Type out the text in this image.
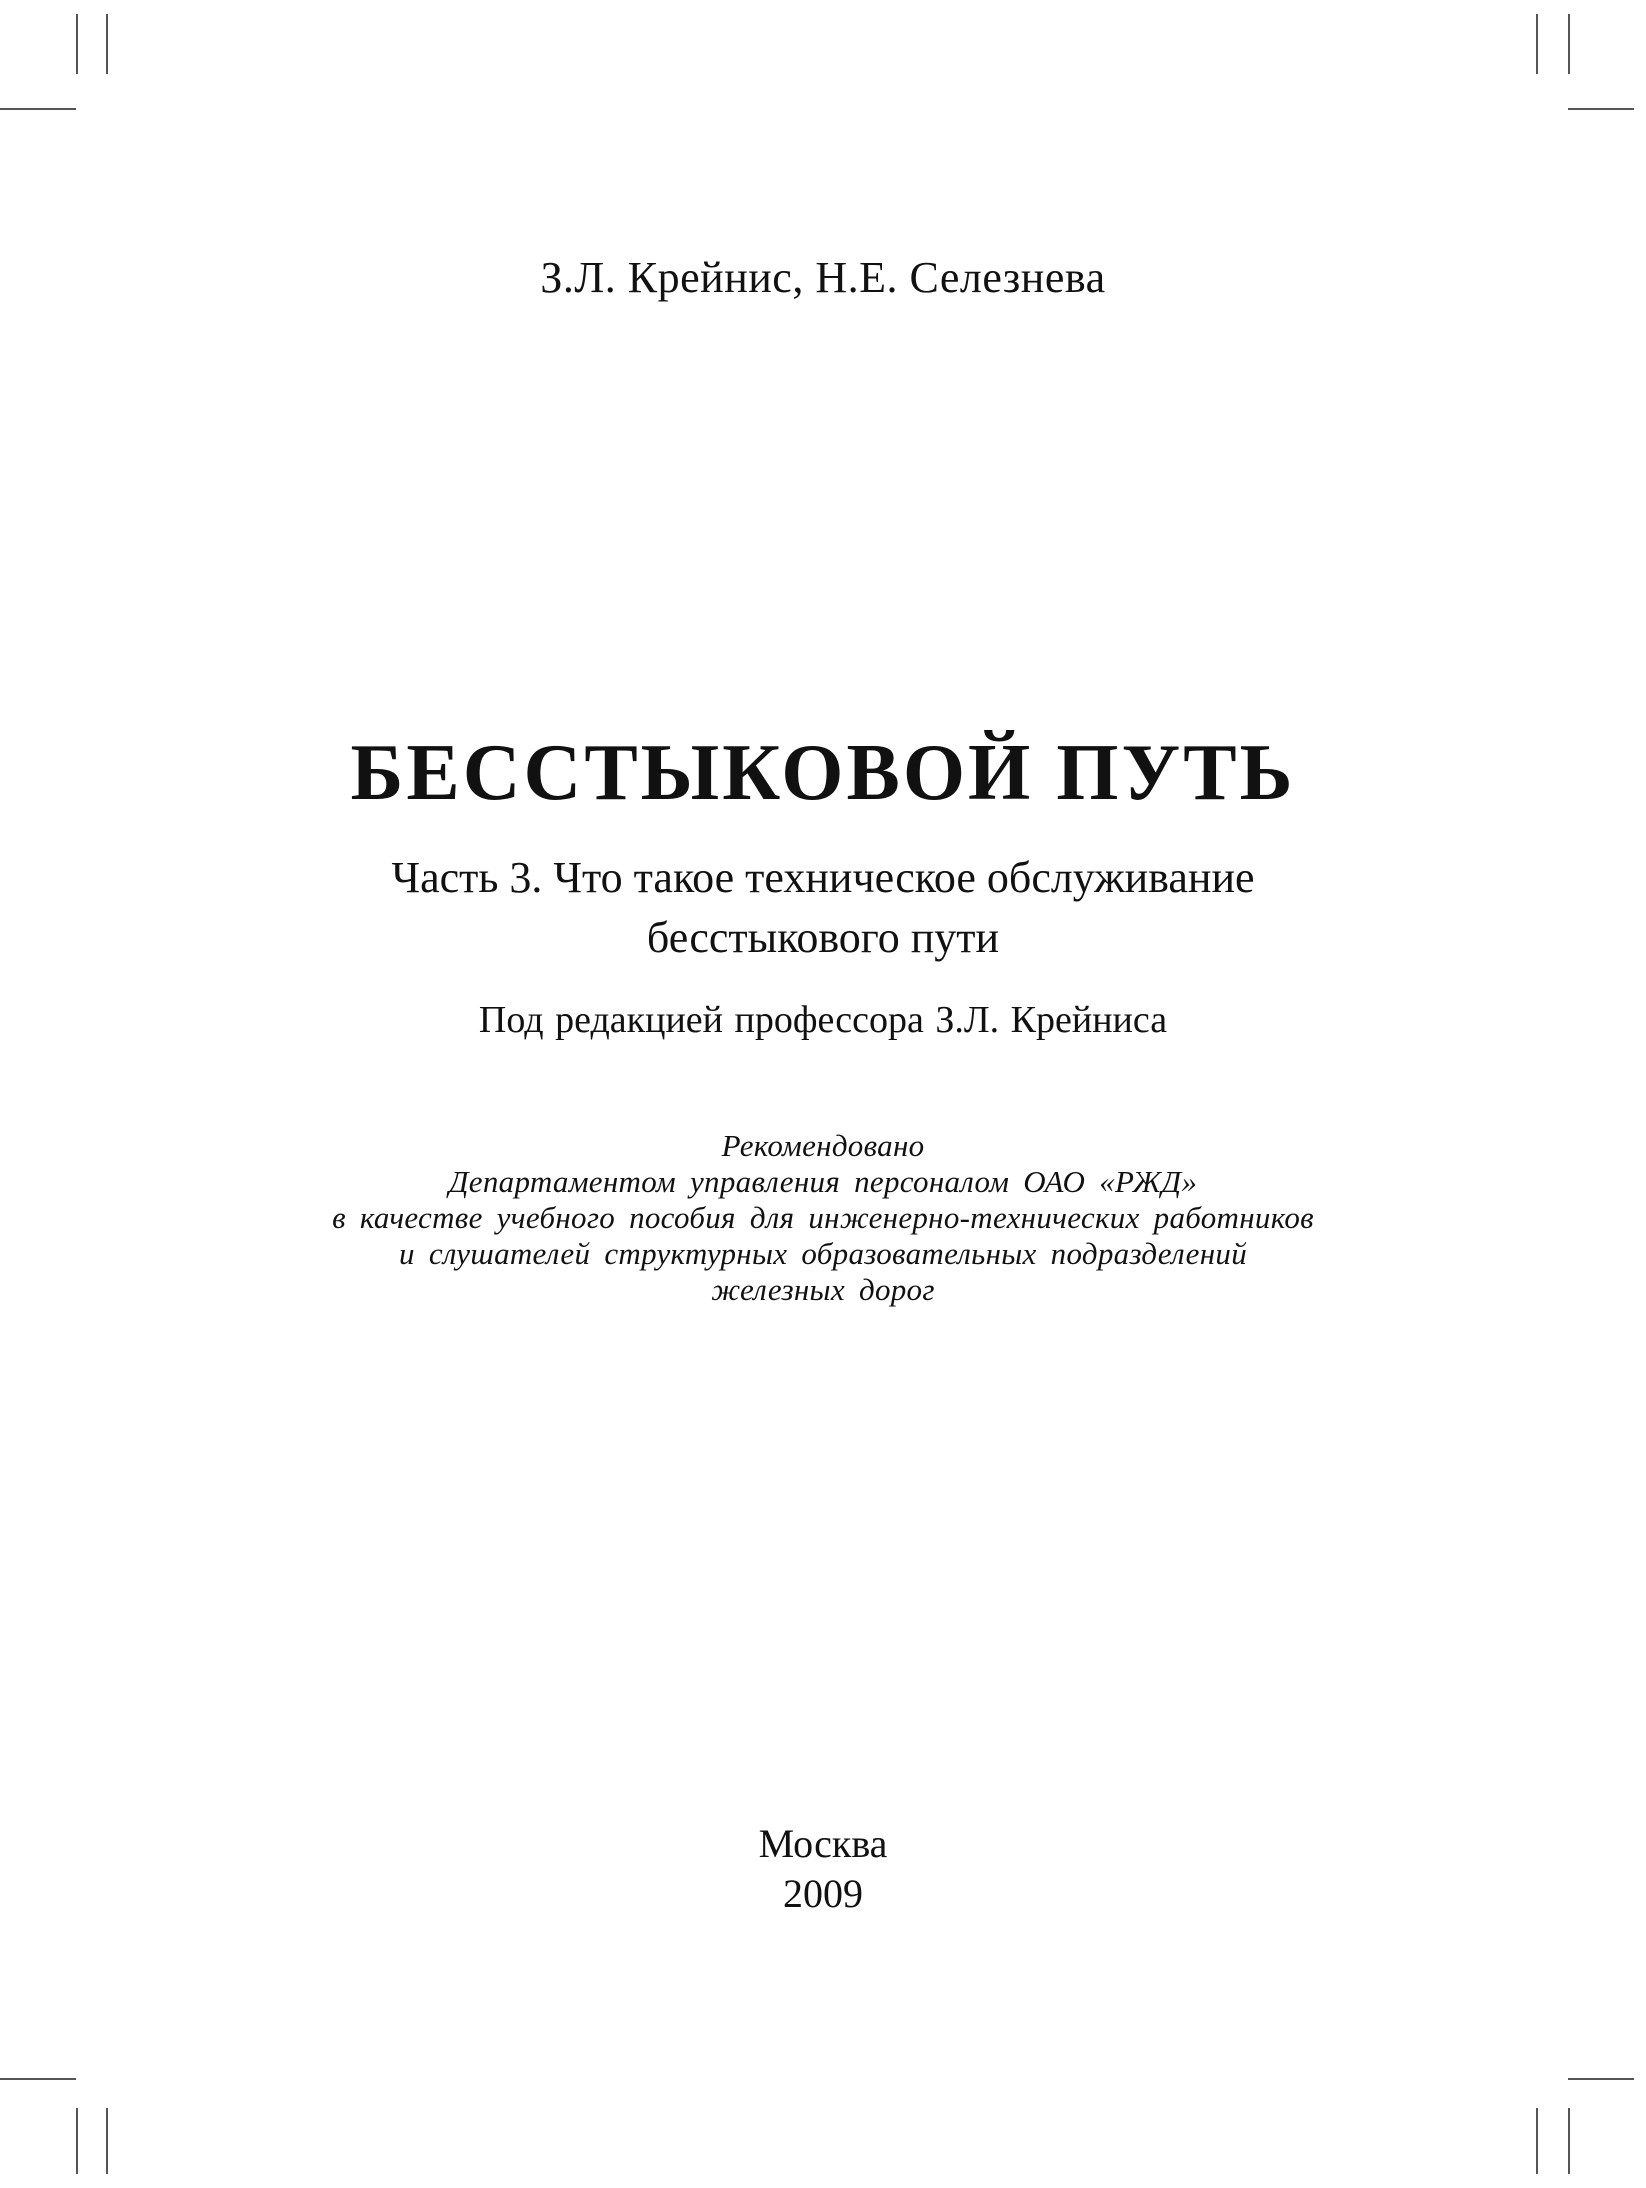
З.Л. Крейнис, Н.Е. Селезнева
БЕССТЫКОВОЙ ПУТЬ
Часть 3. Что такое техническое обслуживание
бесстыкового пути
Под редакцией профессора З.Л. Крейниса
Рекомендовано
Департаментом управления персоналом ОАО «РЖД»
в качестве учебного пособия для инженерно-технических работников
и слушателей структурных образовательных подразделений
железных дорог
Москва
2009
